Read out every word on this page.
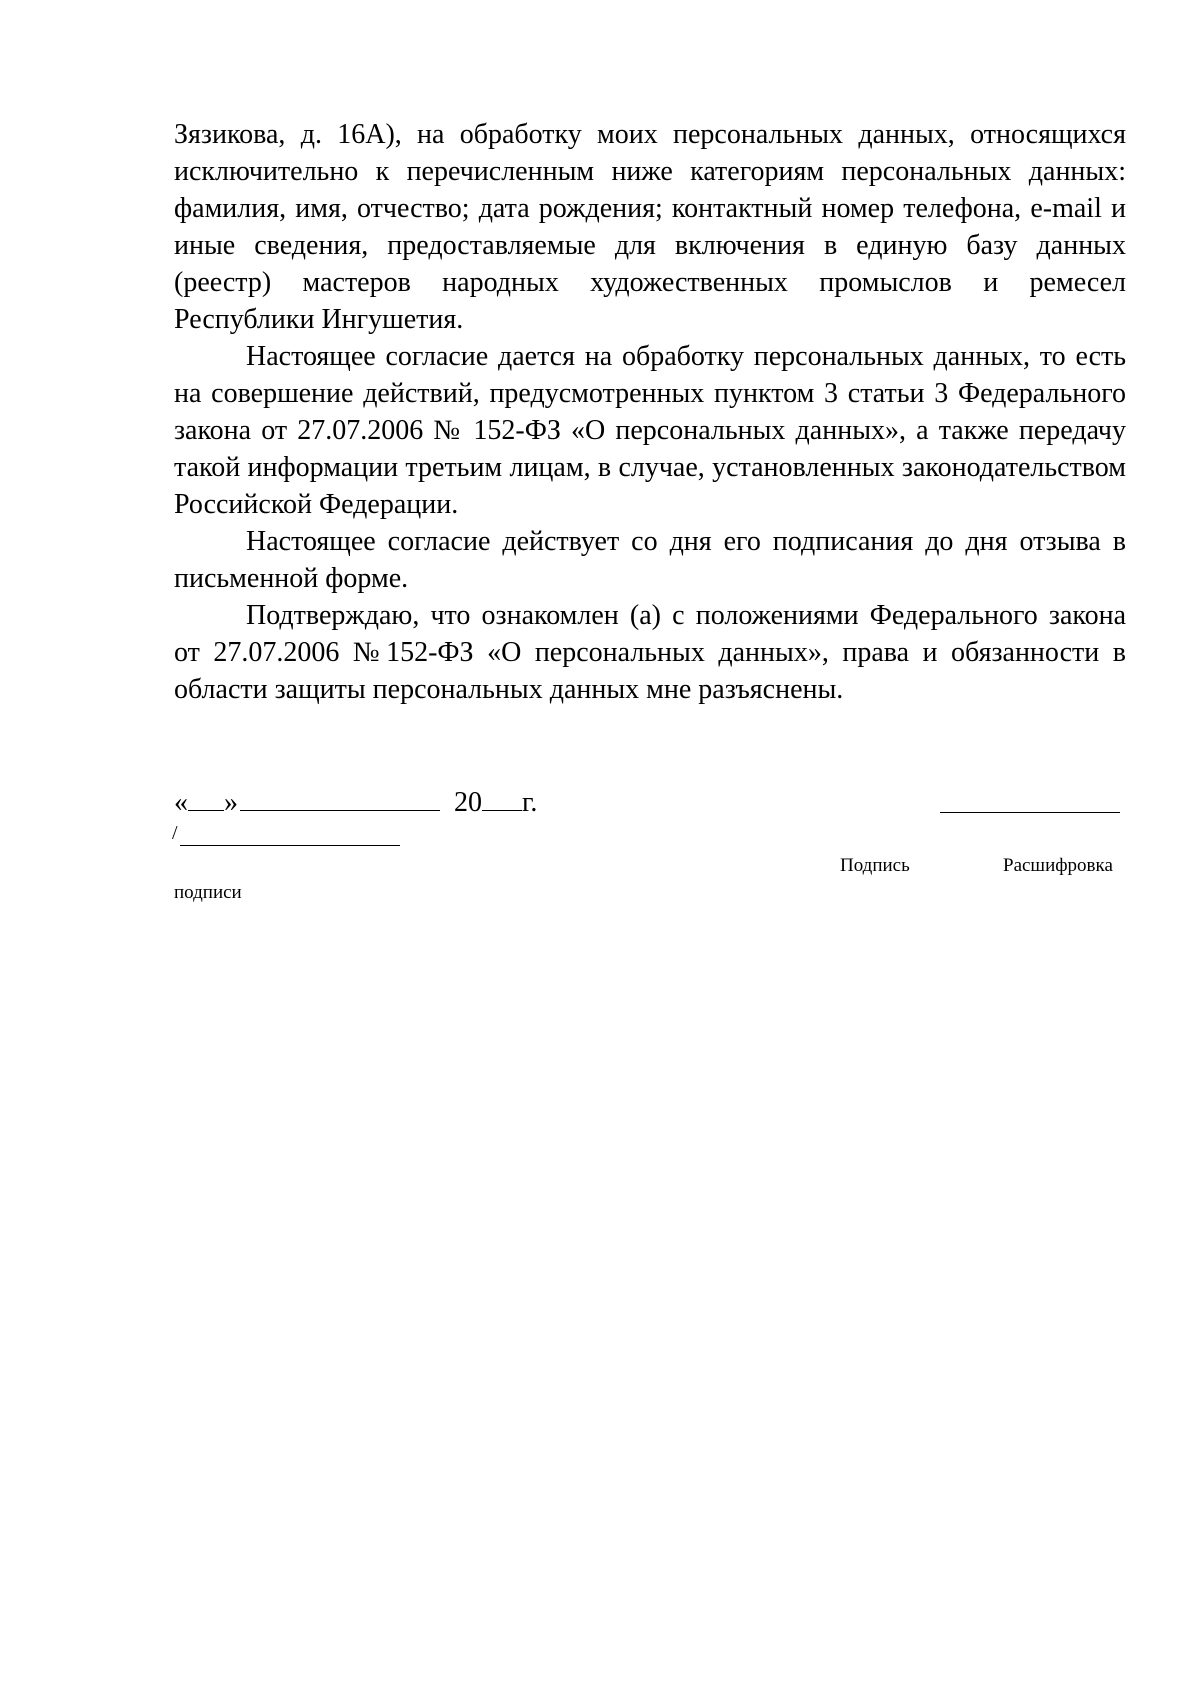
Зязикова, д. 16А), на обработку моих персональных данных, относящихся исключительно к перечисленным ниже категориям персональных данных: фамилия, имя, отчество; дата рождения; контактный номер телефона, e-mail и иные сведения, предоставляемые для включения в единую базу данных (реестр) мастеров народных художественных промыслов и ремесел Республики Ингушетия.

Настоящее согласие дается на обработку персональных данных, то есть на совершение действий, предусмотренных пунктом 3 статьи 3 Федерального закона от 27.07.2006 № 152-ФЗ «О персональных данных», а также передачу такой информации третьим лицам, в случае, установленных законодательством Российской Федерации.

Настоящее согласие действует со дня его подписания до дня отзыва в письменной форме.

Подтверждаю, что ознакомлен (а) с положениями Федерального закона от 27.07.2006 №152-ФЗ «О персональных данных», права и обязанности в области защиты персональных данных мне разъяснены.

« »	20 г.
/
Подпись	Расшифровка
подписи
